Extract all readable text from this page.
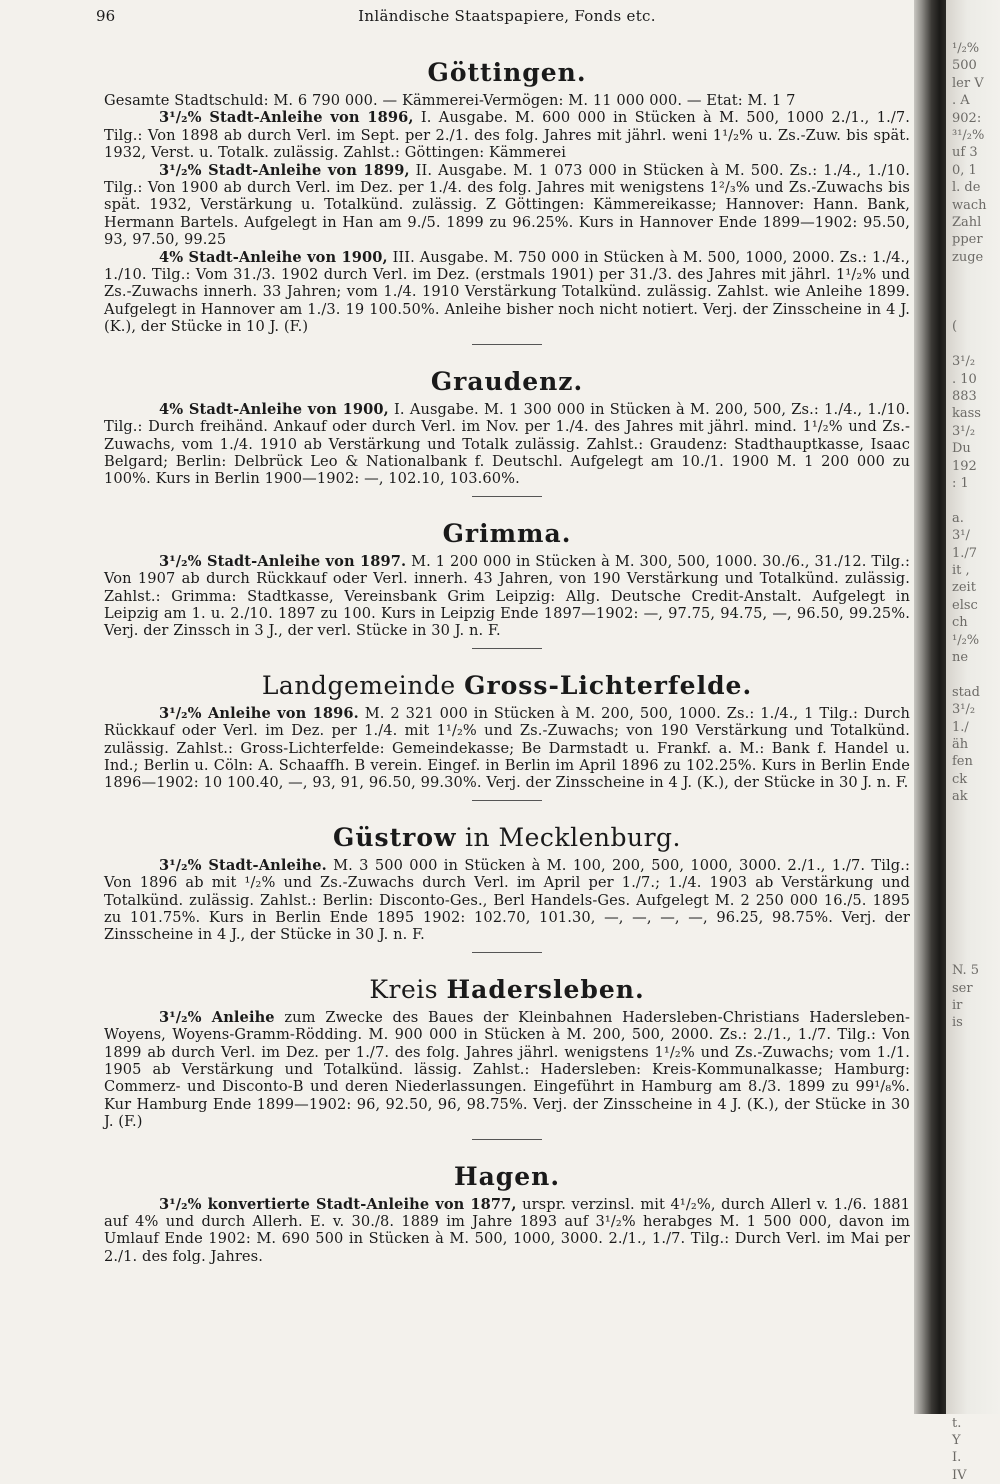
96	Inländische Staatspapiere, Fonds etc.
Göttingen.

Gesamte Stadtschuld: M. 6 790 000. — Kämmerei-Vermögen: M. 11 000 000. — Etat: M. 1 7

3¹/₂% Stadt-Anleihe von 1896, I. Ausgabe. M. 600 000 in Stücken à M. 500, 1000 2./1., 1./7. Tilg.: Von 1898 ab durch Verl. im Sept. per 2./1. des folg. Jahres mit jährl. weni 1¹/₂% u. Zs.-Zuw. bis spät. 1932, Verst. u. Totalk. zulässig. Zahlst.: Göttingen: Kämmerei

3¹/₂% Stadt-Anleihe von 1899, II. Ausgabe. M. 1 073 000 in Stücken à M. 500. Zs.: 1./4., 1./10. Tilg.: Von 1900 ab durch Verl. im Dez. per 1./4. des folg. Jahres mit wenigstens 1²/₃% und Zs.-Zuwachs bis spät. 1932, Verstärkung u. Totalkünd. zulässig. Z Göttingen: Kämmereikasse; Hannover: Hann. Bank, Hermann Bartels. Aufgelegt in Han am 9./5. 1899 zu 96.25%. Kurs in Hannover Ende 1899—1902: 95.50, 93, 97.50, 99.25

4% Stadt-Anleihe von 1900, III. Ausgabe. M. 750 000 in Stücken à M. 500, 1000, 2000. Zs.: 1./4., 1./10. Tilg.: Vom 31./3. 1902 durch Verl. im Dez. (erstmals 1901) per 31./3. des Jahres mit jährl. 1¹/₂% und Zs.-Zuwachs innerh. 33 Jahren; vom 1./4. 1910 Verstärkung Totalkünd. zulässig. Zahlst. wie Anleihe 1899. Aufgelegt in Hannover am 1./3. 19 100.50%. Anleihe bisher noch nicht notiert. Verj. der Zinsscheine in 4 J. (K.), der Stücke in 10 J. (F.)

Graudenz.

4% Stadt-Anleihe von 1900, I. Ausgabe. M. 1 300 000 in Stücken à M. 200, 500, Zs.: 1./4., 1./10. Tilg.: Durch freihänd. Ankauf oder durch Verl. im Nov. per 1./4. des Jahres mit jährl. mind. 1¹/₂% und Zs.-Zuwachs, vom 1./4. 1910 ab Verstärkung und Totalk zulässig. Zahlst.: Graudenz: Stadthauptkasse, Isaac Belgard; Berlin: Delbrück Leo & Nationalbank f. Deutschl. Aufgelegt am 10./1. 1900 M. 1 200 000 zu 100%. Kurs in Berlin 1900—1902: —, 102.10, 103.60%.

Grimma.

3¹/₂% Stadt-Anleihe von 1897. M. 1 200 000 in Stücken à M. 300, 500, 1000. 30./6., 31./12. Tilg.: Von 1907 ab durch Rückkauf oder Verl. innerh. 43 Jahren, von 190 Verstärkung und Totalkünd. zulässig. Zahlst.: Grimma: Stadtkasse, Vereinsbank Grim Leipzig: Allg. Deutsche Credit-Anstalt. Aufgelegt in Leipzig am 1. u. 2./10. 1897 zu 100. Kurs in Leipzig Ende 1897—1902: —, 97.75, 94.75, —, 96.50, 99.25%. Verj. der Zinssch in 3 J., der verl. Stücke in 30 J. n. F.

Landgemeinde Gross-Lichterfelde.

3¹/₂% Anleihe von 1896. M. 2 321 000 in Stücken à M. 200, 500, 1000. Zs.: 1./4., 1 Tilg.: Durch Rückkauf oder Verl. im Dez. per 1./4. mit 1¹/₂% und Zs.-Zuwachs; von 190 Verstärkung und Totalkünd. zulässig. Zahlst.: Gross-Lichterfelde: Gemeindekasse; Be Darmstadt u. Frankf. a. M.: Bank f. Handel u. Ind.; Berlin u. Cöln: A. Schaaffh. B verein. Eingef. in Berlin im April 1896 zu 102.25%. Kurs in Berlin Ende 1896—1902: 10 100.40, —, 93, 91, 96.50, 99.30%. Verj. der Zinsscheine in 4 J. (K.), der Stücke in 30 J. n. F.

Güstrow in Mecklenburg.

3¹/₂% Stadt-Anleihe. M. 3 500 000 in Stücken à M. 100, 200, 500, 1000, 3000. 2./1., 1./7. Tilg.: Von 1896 ab mit ¹/₂% und Zs.-Zuwachs durch Verl. im April per 1./7.; 1./4. 1903 ab Verstärkung und Totalkünd. zulässig. Zahlst.: Berlin: Disconto-Ges., Berl Handels-Ges. Aufgelegt M. 2 250 000 16./5. 1895 zu 101.75%. Kurs in Berlin Ende 1895 1902: 102.70, 101.30, —, —, —, —, 96.25, 98.75%. Verj. der Zinsscheine in 4 J., der Stücke in 30 J. n. F.

Kreis Hadersleben.

3¹/₂% Anleihe zum Zwecke des Baues der Kleinbahnen Hadersleben-Christians Hadersleben-Woyens, Woyens-Gramm-Rödding. M. 900 000 in Stücken à M. 200, 500, 2000. Zs.: 2./1., 1./7. Tilg.: Von 1899 ab durch Verl. im Dez. per 1./7. des folg. Jahres jährl. wenigstens 1¹/₂% und Zs.-Zuwachs; vom 1./1. 1905 ab Verstärkung und Totalkünd. lässig. Zahlst.: Hadersleben: Kreis-Kommunalkasse; Hamburg: Commerz- und Disconto-B und deren Niederlassungen. Eingeführt in Hamburg am 8./3. 1899 zu 99¹/₈%. Kur Hamburg Ende 1899—1902: 96, 92.50, 96, 98.75%. Verj. der Zinsscheine in 4 J. (K.), der Stücke in 30 J. (F.)

Hagen.

3¹/₂% konvertierte Stadt-Anleihe von 1877, urspr. verzinsl. mit 4¹/₂%, durch Allerl v. 1./6. 1881 auf 4% und durch Allerh. E. v. 30./8. 1889 im Jahre 1893 auf 3¹/₂% herabges M. 1 500 000, davon im Umlauf Ende 1902: M. 690 500 in Stücken à M. 500, 1000, 3000. 2./1., 1./7. Tilg.: Durch Verl. im Mai per 2./1. des folg. Jahres.

¹/₂%
500
ler V
. A
902:
³¹/₂%
uf 3
0, 1
l. de
wach
Zahl
pper
zuge
(
3¹/₂
. 10
883
kass
3¹/₂
Du
192
: 1
a.
3¹/
1./7
it ,
zeit
elsc
ch
¹/₂%
ne
stad
3¹/₂
1./
äh
fen
ck
ak
N. 5
ser
ir
is
t.
Y
I.
IV
